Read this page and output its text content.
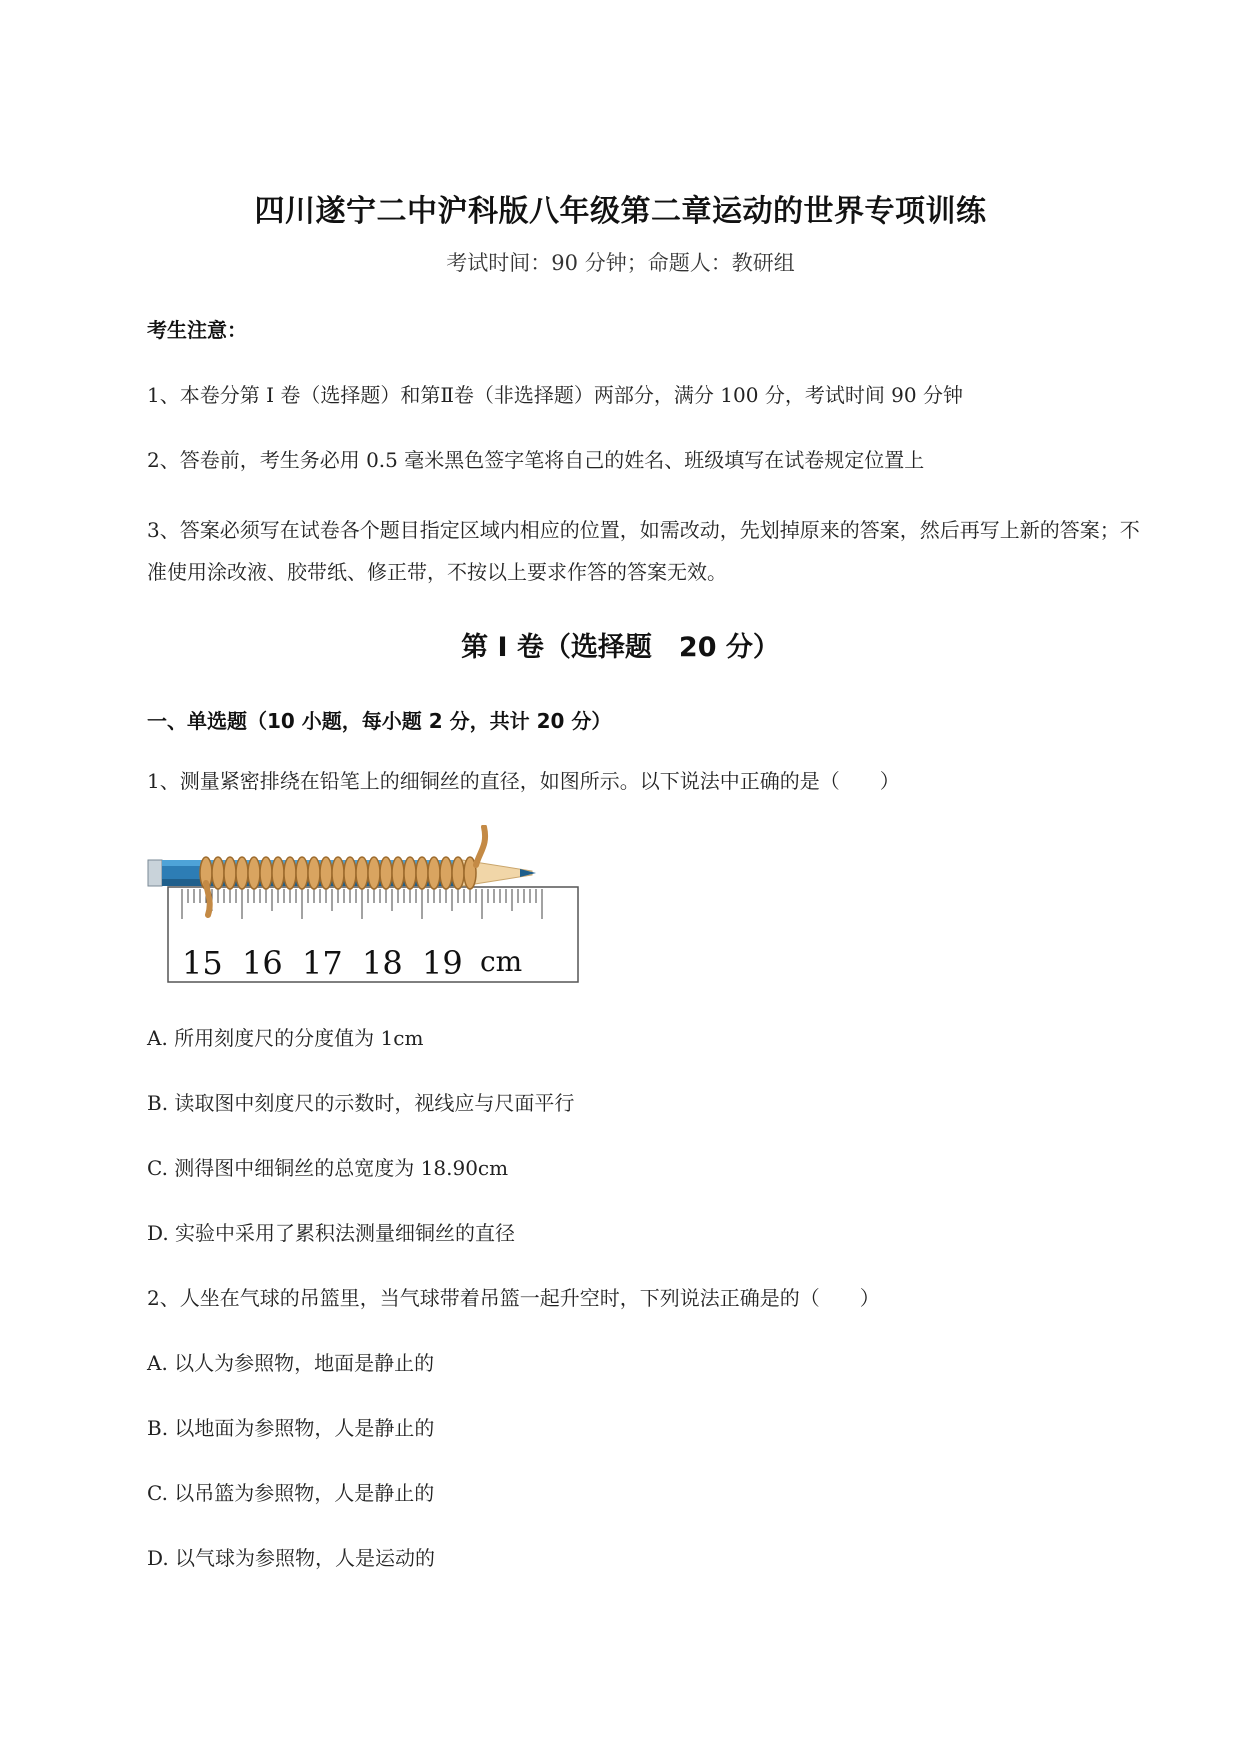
四川遂宁二中沪科版八年级第二章运动的世界专项训练
考试时间：90 分钟；命题人：教研组
考生注意：
1、本卷分第 I 卷（选择题）和第Ⅱ卷（非选择题）两部分，满分 100 分，考试时间 90 分钟
2、答卷前，考生务必用 0.5 毫米黑色签字笔将自己的姓名、班级填写在试卷规定位置上
3、答案必须写在试卷各个题目指定区域内相应的位置，如需改动，先划掉原来的答案，然后再写上新的答案；不准使用涂改液、胶带纸、修正带，不按以上要求作答的答案无效。
第 I 卷（选择题　20 分）
一、单选题（10 小题，每小题 2 分，共计 20 分）
1、测量紧密排绕在铅笔上的细铜丝的直径，如图所示。以下说法中正确的是（　　）
15 16 17 18 19 cm
A. 所用刻度尺的分度值为 1cm
B. 读取图中刻度尺的示数时，视线应与尺面平行
C. 测得图中细铜丝的总宽度为 18.90cm
D. 实验中采用了累积法测量细铜丝的直径
2、人坐在气球的吊篮里，当气球带着吊篮一起升空时，下列说法正确是的（　　）
A. 以人为参照物，地面是静止的
B. 以地面为参照物，人是静止的
C. 以吊篮为参照物，人是静止的
D. 以气球为参照物，人是运动的
